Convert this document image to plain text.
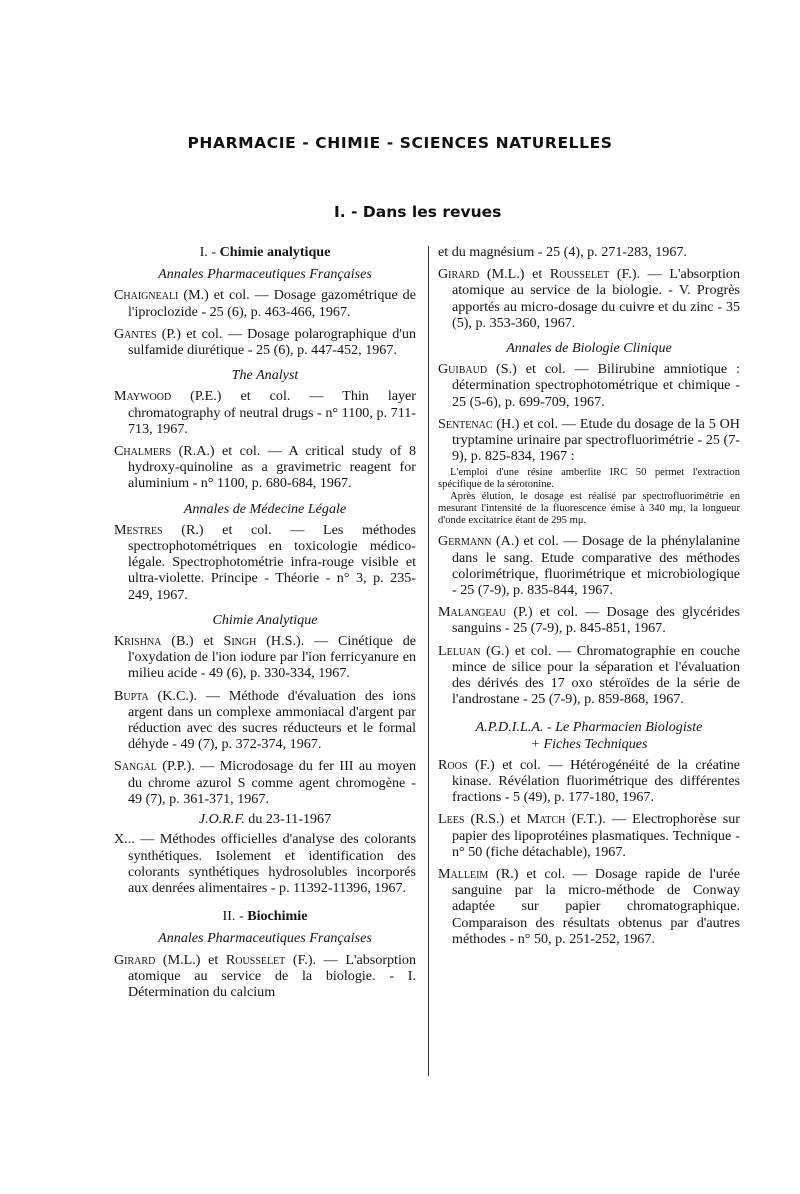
PHARMACIE - CHIMIE - SCIENCES NATURELLES
I. - Dans les revues

I. - Chimie analytique

Annales Pharmaceutiques Françaises

Chaigneali (M.) et col. — Dosage gazométrique de l'iproclozide - 25 (6), p. 463-466, 1967.

Gantes (P.) et col. — Dosage polarographique d'un sulfamide diurétique - 25 (6), p. 447-452, 1967.

The Analyst

Maywood (P.E.) et col. — Thin layer chromatography of neutral drugs - n° 1100, p. 711-713, 1967.

Chalmers (R.A.) et col. — A critical study of 8 hydroxy-quinoline as a gravimetric reagent for aluminium - n° 1100, p. 680-684, 1967.

Annales de Médecine Légale

Mestres (R.) et col. — Les méthodes spectrophotométriques en toxicologie médico-légale. Spectrophotométrie infra-rouge visible et ultra-violette. Principe - Théorie - n° 3, p. 235-249, 1967.

Chimie Analytique

Krishna (B.) et Singh (H.S.). — Cinétique de l'oxydation de l'ion iodure par l'ion ferricyanure en milieu acide - 49 (6), p. 330-334, 1967.

Bupta (K.C.). — Méthode d'évaluation des ions argent dans un complexe ammoniacal d'argent par réduction avec des sucres réducteurs et le formal déhyde - 49 (7), p. 372-374, 1967.

Sangal (P.P.). — Microdosage du fer III au moyen du chrome azurol S comme agent chromogène - 49 (7), p. 361-371, 1967.

J.O.R.F. du 23-11-1967

X... — Méthodes officielles d'analyse des colorants synthétiques. Isolement et identification des colorants synthétiques hydrosolubles incorporés aux denrées alimentaires - p. 11392-11396, 1967.

II. - Biochimie

Annales Pharmaceutiques Françaises

Girard (M.L.) et Rousselet (F.). — L'absorption atomique au service de la biologie. - I. Détermination du calcium

et du magnésium - 25 (4), p. 271-283, 1967.

Girard (M.L.) et Rousselet (F.). — L'absorption atomique au service de la biologie. - V. Progrès apportés au micro-dosage du cuivre et du zinc - 35 (5), p. 353-360, 1967.

Annales de Biologie Clinique

Guibaud (S.) et col. — Bilirubine amniotique : détermination spectrophotométrique et chimique - 25 (5-6), p. 699-709, 1967.

Sentenac (H.) et col. — Etude du dosage de la 5 OH tryptamine urinaire par spectrofluorimétrie - 25 (7-9), p. 825-834, 1967 :

L'emploi d'une résine amberlite IRC 50 permet l'extraction spécifique de la sérotonine.

Après élution, le dosage est réalisé par spectrofluorimétrie en mesurant l'intensité de la fluorescence émise à 340 mμ, la longueur d'onde excitatrice étant de 295 mμ.

Germann (A.) et col. — Dosage de la phénylalanine dans le sang. Etude comparative des méthodes colorimétrique, fluorimétrique et microbiologique - 25 (7-9), p. 835-844, 1967.

Malangeau (P.) et col. — Dosage des glycérides sanguins - 25 (7-9), p. 845-851, 1967.

Leluan (G.) et col. — Chromatographie en couche mince de silice pour la séparation et l'évaluation des dérivés des 17 oxo stéroïdes de la série de l'androstane - 25 (7-9), p. 859-868, 1967.

A.P.D.I.L.A. - Le Pharmacien Biologiste

+ Fiches Techniques

Roos (F.) et col. — Hétérogénéité de la créatine kinase. Révélation fluorimétrique des différentes fractions - 5 (49), p. 177-180, 1967.

Lees (R.S.) et Match (F.T.). — Electrophorèse sur papier des lipoprotéines plasmatiques. Technique - n° 50 (fiche détachable), 1967.

Malleim (R.) et col. — Dosage rapide de l'urée sanguine par la micro-méthode de Conway adaptée sur papier chromatographique. Comparaison des résultats obtenus par d'autres méthodes - n° 50, p. 251-252, 1967.
